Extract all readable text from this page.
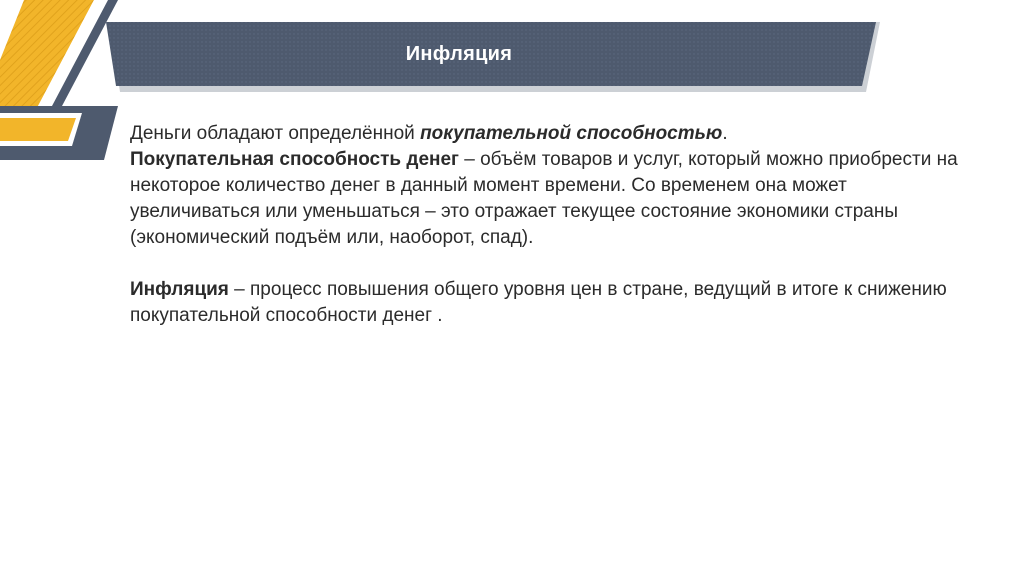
Инфляция

Деньги обладают определённой покупательной способностью.

Покупательная способность денег – объём товаров и услуг, который можно приобрести на некоторое количество денег в данный момент времени. Со временем она может увеличиваться или уменьшаться – это отражает текущее состояние экономики страны (экономический подъём или, наоборот, спад).

Инфляция – процесс повышения общего уровня цен в стране, ведущий в итоге к снижению покупательной способности денег .
